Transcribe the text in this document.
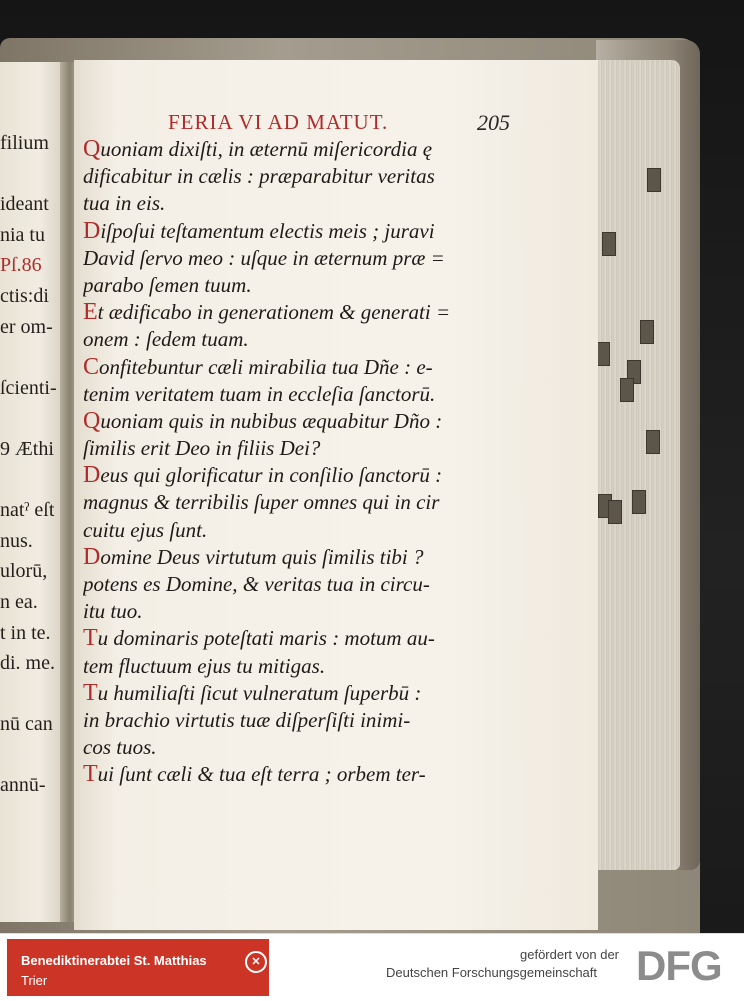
filium
ideant
nia tu
Pſ.86
ctis:di
er om-
ſcienti-
9 Æthi
natˀ eſt
nus.
ulorū,
n ea.
t in te.
di. me.
nū can
annū-
FERIA VI AD MATUT.	205
Quoniam dixiſti, in æternū miſericordia ę
dificabitur in cælis : præparabitur veritas
tua in eis.
Diſpoſui teſtamentum electis meis ; juravi
David ſervo meo : uſque in æternum præ =
parabo ſemen tuum.
Et ædificabo in generationem & generati =
onem : ſedem tuam.
Confitebuntur cæli mirabilia tua Dñe : e-
tenim veritatem tuam in eccleſia ſanctorū.
Quoniam quis in nubibus æquabitur Dño :
ſimilis erit Deo in filiis Dei?
Deus qui glorificatur in conſilio ſanctorū :
magnus & terribilis ſuper omnes qui in cir
cuitu ejus ſunt.
Domine Deus virtutum quis ſimilis tibi ?
potens es Domine, & veritas tua in circu-
itu tuo.
Tu dominaris poteſtati maris : motum au-
tem fluctuum ejus tu mitigas.
Tu humiliaſti ſicut vulneratum ſuperbū :
in brachio virtutis tuæ diſperſiſti inimi-
cos tuos.
Tui ſunt cæli & tua eſt terra ; orbem ter-
Benediktinerabtei St. Matthias
Trier
✕	gefördert von der
Deutschen Forschungsgemeinschaft DFG
